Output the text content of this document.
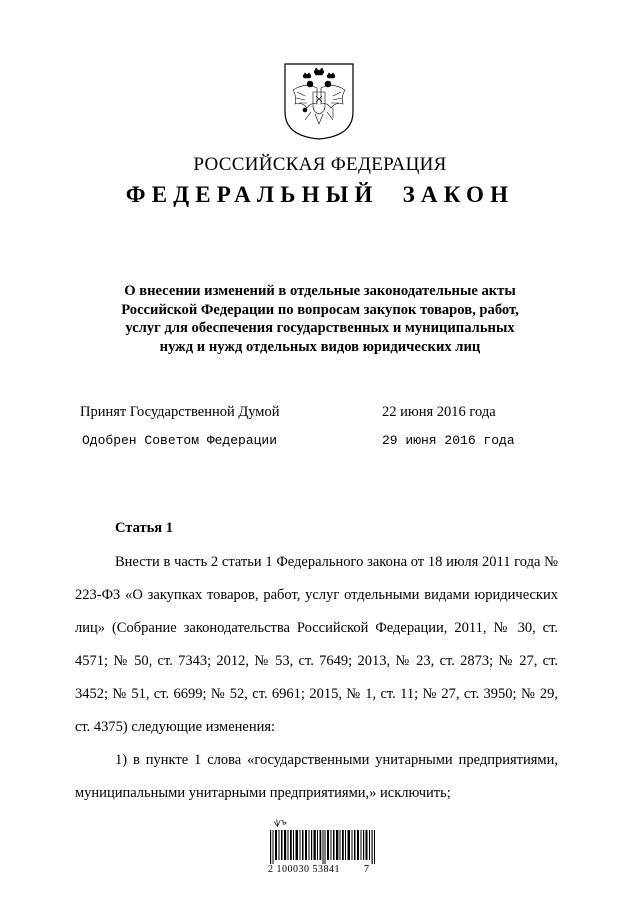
РОССИЙСКАЯ ФЕДЕРАЦИЯ
ФЕДЕРАЛЬНЫЙ ЗАКОН
О внесении изменений в отдельные законодательные акты
Российской Федерации по вопросам закупок товаров, работ,
услуг для обеспечения государственных и муниципальных
нужд и нужд отдельных видов юридических лиц
Принят Государственной Думой	22 июня 2016 года
Одобрен Советом Федерации	29 июня 2016 года
Статья 1

Внести в часть 2 статьи 1 Федерального закона от 18 июля 2011 года № 223-ФЗ «О закупках товаров, работ, услуг отдельными видами юридических лиц» (Собрание законодательства Российской Федерации, 2011, № 30, ст. 4571; № 50, ст. 7343; 2012, № 53, ст. 7649; 2013, № 23, ст. 2873; № 27, ст. 3452; № 51, ст. 6699; № 52, ст. 6961; 2015, № 1, ст. 11; № 27, ст. 3950; № 29, ст. 4375) следующие изменения:

1) в пункте 1 слова «государственными унитарными предприятиями, муниципальными унитарными предприятиями,» исключить;

ѱъ
2 100030 53841 7
